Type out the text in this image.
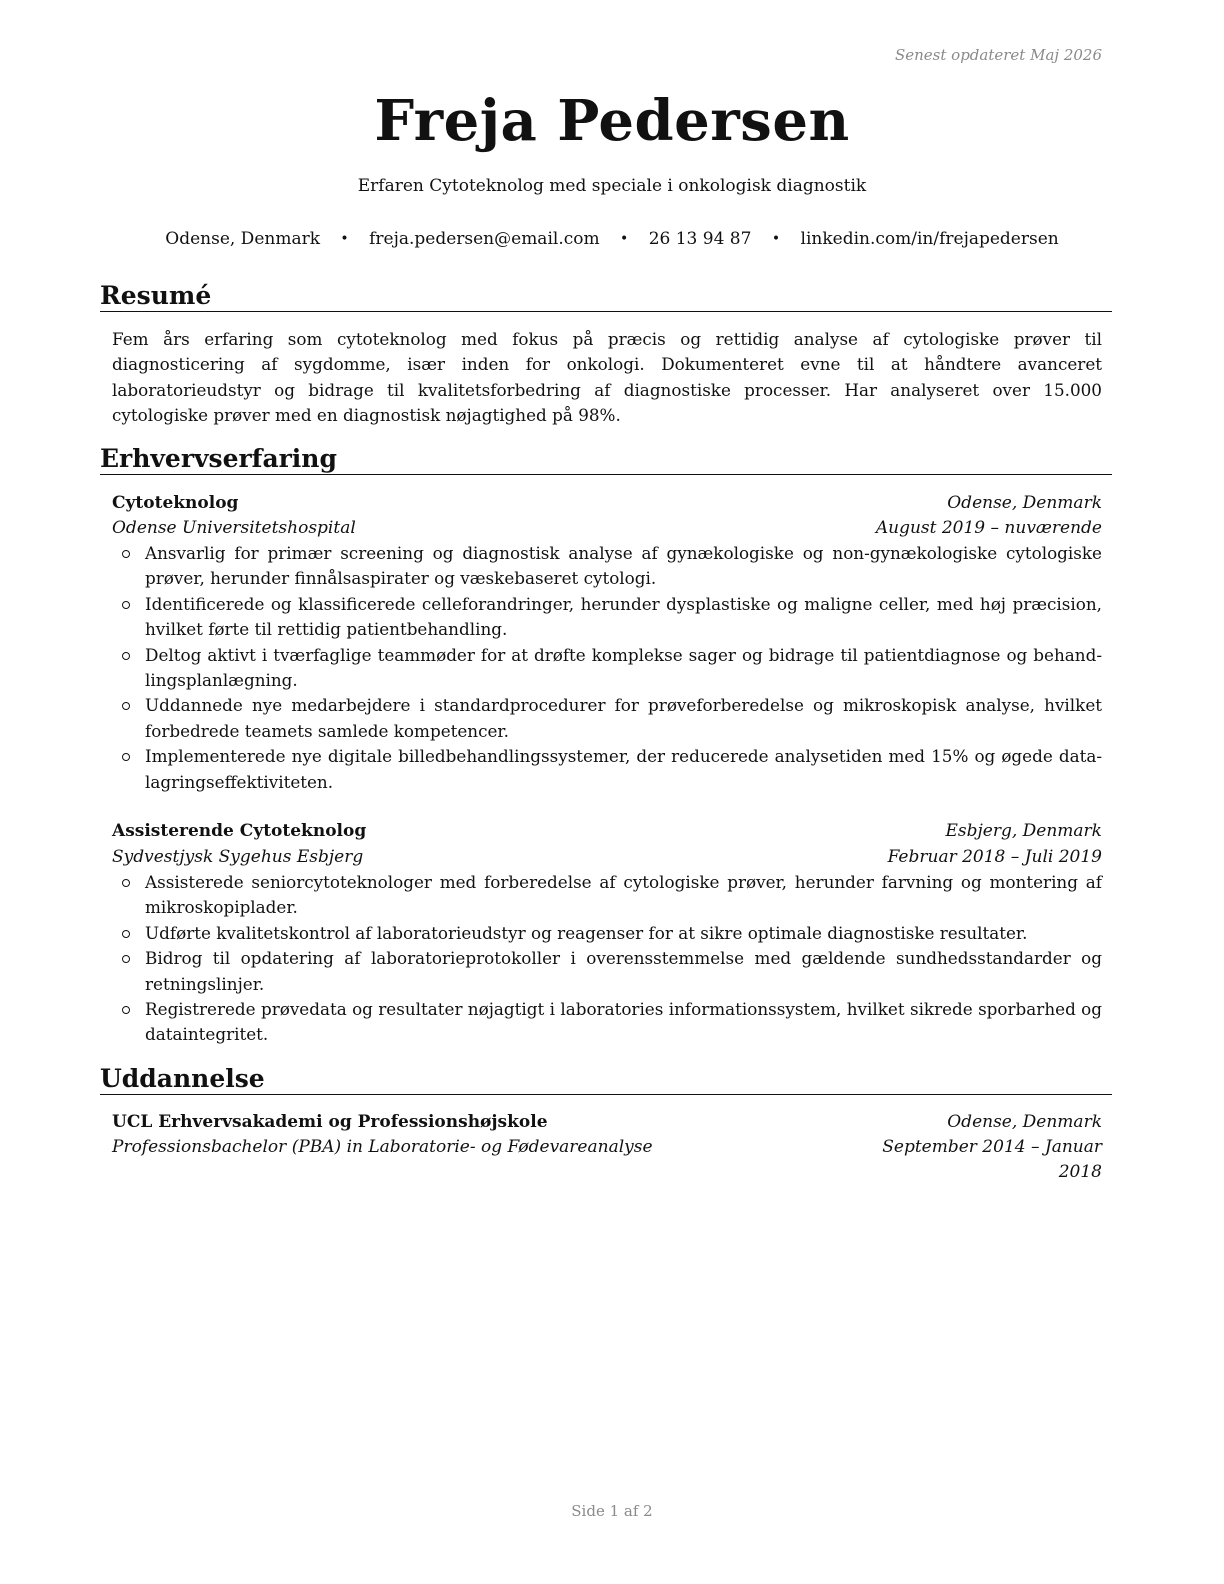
Senest opdateret Maj 2026
Freja Pedersen
Erfaren Cytoteknolog med speciale i onkologisk diagnostik
Odense, Denmark • freja.pedersen@email.com • 26 13 94 87 • linkedin.com/in/frejapedersen
Resumé
Fem års erfaring som cytoteknolog med fokus på præcis og rettidig analyse af cytologiske prøver til diagnosticering af sygdomme, især inden for onkologi. Dokumenteret evne til at håndtere avanceret laboratorieudstyr og bidrage til kvalitetsforbedring af diagnostiske processer. Har analyseret over 15.000 cytologiske prøver med en diagnostisk nøjagtighed på 98%.
Erhvervserfaring
Cytoteknolog	Odense, Denmark
Odense Universitetshospital	August 2019 – nuværende
Ansvarlig for primær screening og diagnostisk analyse af gynækologiske og non-gynækologiske cytologiske prøver, herunder finnålsaspirater og væskebaseret cytologi.
Identificerede og klassificerede celleforandringer, herunder dysplastiske og maligne celler, med høj præcision, hvilket førte til rettidig patientbehandling.
Deltog aktivt i tværfaglige teammøder for at drøfte komplekse sager og bidrage til patientdiagnose og behandlingsplanlægning.
Uddannede nye medarbejdere i standardprocedurer for prøveforberedelse og mikroskopisk analyse, hvilket forbedrede teamets samlede kompetencer.
Implementerede nye digitale billedbehandlingssystemer, der reducerede analysetiden med 15% og øgede datalagringseffektiviteten.
Assisterende Cytoteknolog	Esbjerg, Denmark
Sydvestjysk Sygehus Esbjerg	Februar 2018 – Juli 2019
Assisterede seniorcytoteknologer med forberedelse af cytologiske prøver, herunder farvning og montering af mikroskopiplader.
Udførte kvalitetskontrol af laboratorieudstyr og reagenser for at sikre optimale diagnostiske resultater.
Bidrog til opdatering af laboratorieprotokoller i overensstemmelse med gældende sundhedsstandarder og retningslinjer.
Registrerede prøvedata og resultater nøjagtigt i laboratories informationssystem, hvilket sikrede sporbarhed og dataintegritet.
Uddannelse
UCL Erhvervsakademi og Professionshøjskole	Odense, Denmark
Professionsbachelor (PBA) in Laboratorie- og Fødevareanalyse	September 2014 – Januar
2018
Side 1 af 2
